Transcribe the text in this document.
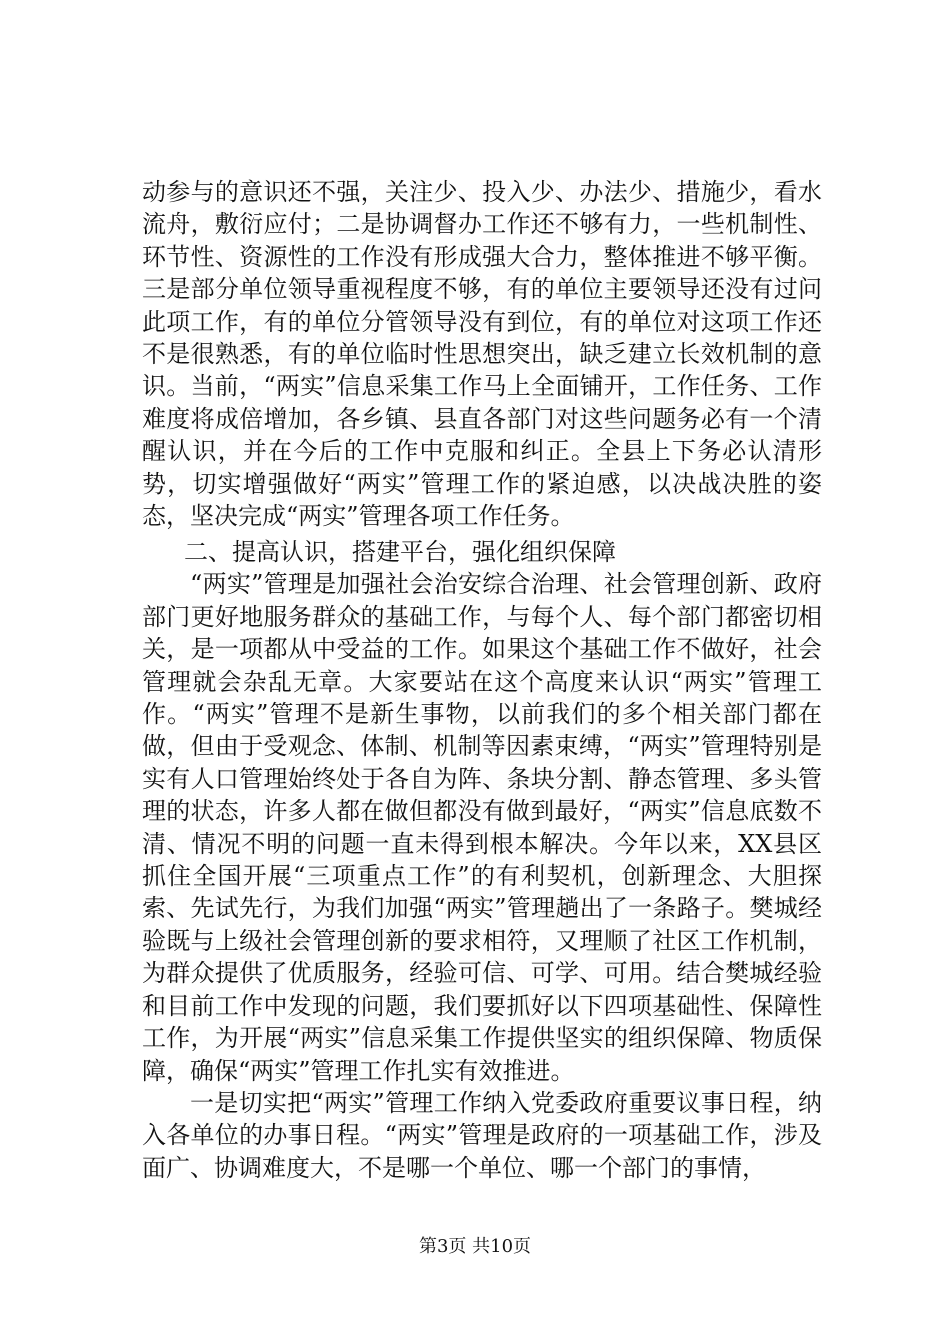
动参与的意识还不强，关注少、投入少、办法少、措施少，看水流舟，敷衍应付；二是协调督办工作还不够有力，一些机制性、环节性、资源性的工作没有形成强大合力，整体推进不够平衡。三是部分单位领导重视程度不够，有的单位主要领导还没有过问此项工作，有的单位分管领导没有到位，有的单位对这项工作还不是很熟悉，有的单位临时性思想突出，缺乏建立长效机制的意识。当前，“两实”信息采集工作马上全面铺开，工作任务、工作难度将成倍增加，各乡镇、县直各部门对这些问题务必有一个清醒认识，并在今后的工作中克服和纠正。全县上下务必认清形势，切实增强做好“两实”管理工作的紧迫感，以决战决胜的姿态，坚决完成“两实”管理各项工作任务。

二、提高认识，搭建平台，强化组织保障

“两实”管理是加强社会治安综合治理、社会管理创新、政府部门更好地服务群众的基础工作，与每个人、每个部门都密切相关，是一项都从中受益的工作。如果这个基础工作不做好，社会管理就会杂乱无章。大家要站在这个高度来认识“两实”管理工作。“两实”管理不是新生事物，以前我们的多个相关部门都在做，但由于受观念、体制、机制等因素束缚，“两实”管理特别是实有人口管理始终处于各自为阵、条块分割、静态管理、多头管理的状态，许多人都在做但都没有做到最好，“两实”信息底数不清、情况不明的问题一直未得到根本解决。今年以来，XX县区抓住全国开展“三项重点工作”的有利契机，创新理念、大胆探索、先试先行，为我们加强“两实”管理趟出了一条路子。樊城经验既与上级社会管理创新的要求相符，又理顺了社区工作机制，为群众提供了优质服务，经验可信、可学、可用。结合樊城经验和目前工作中发现的问题，我们要抓好以下四项基础性、保障性工作，为开展“两实”信息采集工作提供坚实的组织保障、物质保障，确保“两实”管理工作扎实有效推进。

一是切实把“两实”管理工作纳入党委政府重要议事日程，纳入各单位的办事日程。“两实”管理是政府的一项基础工作，涉及面广、协调难度大，不是哪一个单位、哪一个部门的事情，

第3页 共10页
